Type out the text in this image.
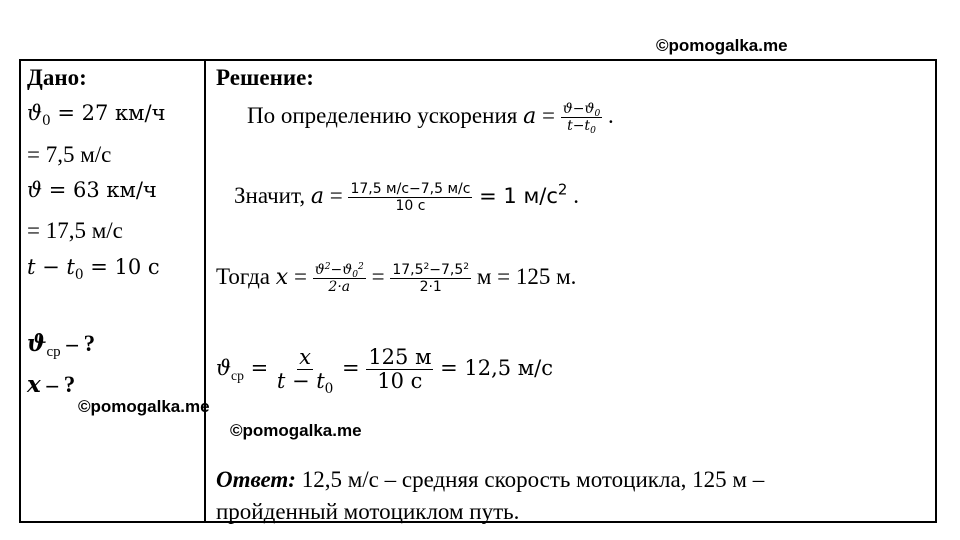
©pomogalka.me
Дано:
$ϑ_0 = 27$ км/ч
= 7,5 м/с
ϑ = 63 км/ч
= 17,5 м/с
$t - t_0 = 10$ с
$ϑ_{ср}$ – ?
x – ?
©pomogalka.me
Решение:
По определению ускорения $a = \frac{ϑ-ϑ_0}{t-t_0}$ .
Значит, $a = \frac{17,5 м/с-7,5 м/с}{10 с} = 1$ $м/с^2$ .
Тогда $x = \frac{ϑ^2-ϑ_0^2}{2\cdot a} = \frac{17,5^2-7,5^2}{2\cdot 1}$ м = 125 м.
$ϑ_{ср} = \frac{x}{t - t_0} = \frac{125 м}{10 с} = 12,5$ м/с
©pomogalka.me
Ответ: 12,5 м/с – средняя скорость мотоцикла, 125 м –
пройденный мотоциклом путь.
